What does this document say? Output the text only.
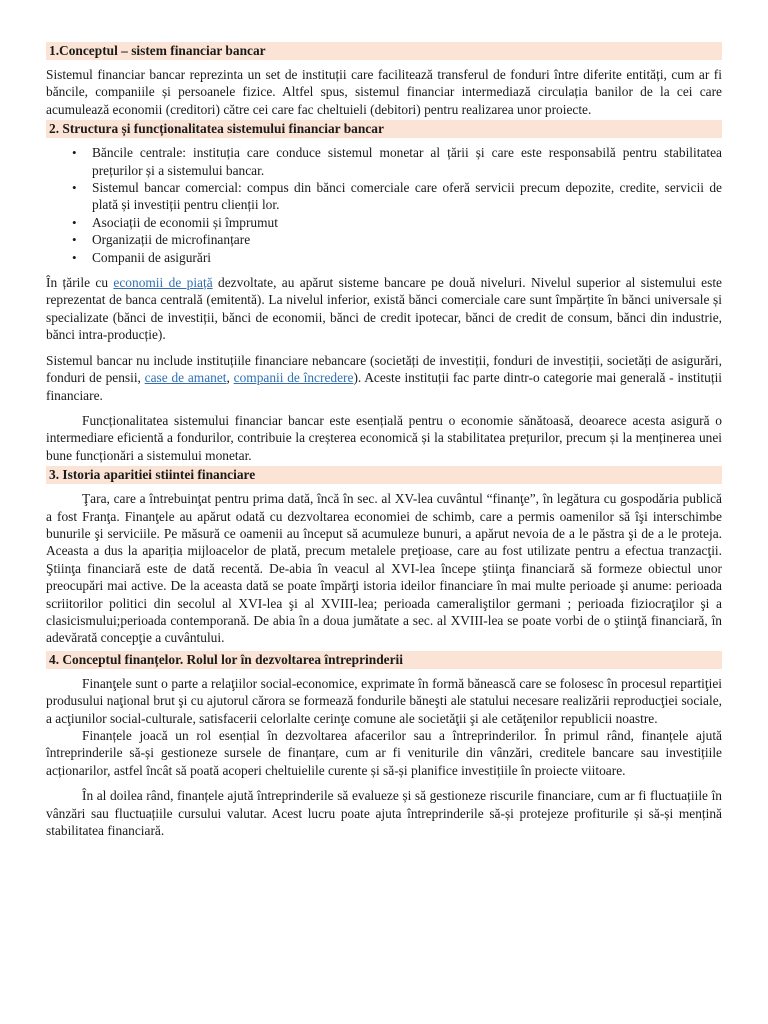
1.Conceptul – sistem financiar bancar

Sistemul financiar bancar reprezinta un set de instituții care facilitează transferul de fonduri între diferite entități, cum ar fi băncile, companiile și persoanele fizice. Altfel spus, sistemul financiar intermediază circulația banilor de la cei care acumulează economii (creditori) către cei care fac cheltuieli (debitori) pentru realizarea unor proiecte.

2. Structura și funcționalitatea sistemului financiar bancar
• Băncile centrale: instituția care conduce sistemul monetar al țării și care este responsabilă pentru stabilitatea prețurilor și a sistemului bancar.
• Sistemul bancar comercial: compus din bănci comerciale care oferă servicii precum depozite, credite, servicii de plată și investiții pentru clienții lor.
• Asociații de economii și împrumut
• Organizații de microfinanțare
• Companii de asigurări

În țările cu economii de piață dezvoltate, au apărut sisteme bancare pe două niveluri. Nivelul superior al sistemului este reprezentat de banca centrală (emitentă). La nivelul inferior, există bănci comerciale care sunt împărțite în bănci universale și specializate (bănci de investiții, bănci de economii, bănci de credit ipotecar, bănci de credit de consum, bănci din industrie, bănci intra-producție).

Sistemul bancar nu include instituțiile financiare nebancare (societăți de investiții, fonduri de investiții, societăți de asigurări, fonduri de pensii, case de amanet, companii de încredere). Aceste instituții fac parte dintr-o categorie mai generală - instituții financiare.

Funcționalitatea sistemului financiar bancar este esențială pentru o economie sănătoasă, deoarece acesta asigură o intermediare eficientă a fondurilor, contribuie la creșterea economică și la stabilitatea prețurilor, precum și la menținerea unei bune funcționări a sistemului monetar.

3. Istoria aparitiei stiintei financiare

Ţara, care a întrebuinţat pentru prima dată, încă în sec. al XV-lea cuvântul “finanţe”, în legătura cu gospodăria publică a fost Franţa. Finanţele au apărut odată cu dezvoltarea economiei de schimb, care a permis oamenilor să îşi interschimbe bunurile şi serviciile. Pe măsură ce oamenii au început să acumuleze bunuri, a apărut nevoia de a le păstra şi de a le proteja. Aceasta a dus la apariția mijloacelor de plată, precum metalele preţioase, care au fost utilizate pentru a efectua tranzacţii. Ştiinţa financiară este de dată recentă. De-abia în veacul al XVI-lea începe ştiinţa financiară să formeze obiectul unor preocupări mai active. De la aceasta dată se poate împărţi istoria ideilor financiare în mai multe perioade şi anume: perioada scriitorilor politici din secolul al XVI-lea şi al XVIII-lea; perioada cameraliştilor germani ; perioada fiziocraţilor şi a clasicismului;perioada contemporană. De abia în a doua jumătate a sec. al XVIII-lea se poate vorbi de o ştiinţă financiară, în adevărată concepţie a cuvântului.

4. Conceptul finanțelor. Rolul lor în dezvoltarea întreprinderii

Finanţele sunt o parte a relaţiilor social-economice, exprimate în formă bănească care se folosesc în procesul repartiţiei produsului naţional brut şi cu ajutorul cărora se formează fondurile băneşti ale statului necesare realizării reproducţiei sociale, a acţiunilor social-culturale, satisfacerii celorlalte cerinţe comune ale societăţii şi ale cetăţenilor republicii noastre.

Finanțele joacă un rol esențial în dezvoltarea afacerilor sau a întreprinderilor. În primul rând, finanțele ajută întreprinderile să-și gestioneze sursele de finanțare, cum ar fi veniturile din vânzări, creditele bancare sau investițiile acționarilor, astfel încât să poată acoperi cheltuielile curente și să-și planifice investițiile în proiecte viitoare.

În al doilea rând, finanțele ajută întreprinderile să evalueze și să gestioneze riscurile financiare, cum ar fi fluctuațiile în vânzări sau fluctuațiile cursului valutar. Acest lucru poate ajuta întreprinderile să-și protejeze profiturile și să-și mențină stabilitatea financiară.
